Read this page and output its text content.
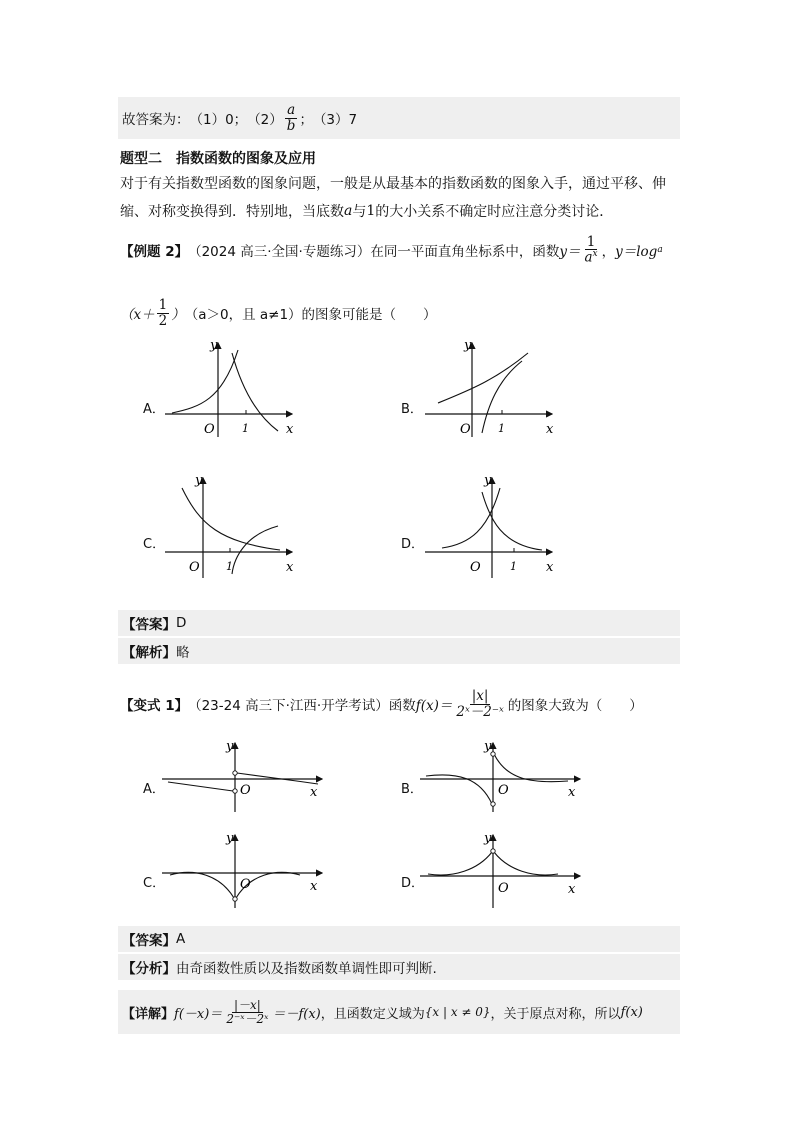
故答案为： （1）0； $(2) \frac{a}{b}$ ； （3）7
题型二　指数函数的图象及应用
对于有关指数型函数的图象问题，一般是从最基本的指数函数的图象入手，通过平移、伸
缩、对称变换得到．特别地，当底数 a 与 1 的大小关系不确定时应注意分类讨论．
【例题 2】 （2024 高三·全国·专题练习）在同一平面直角坐标系中，函数 $y= \frac{1}{a^x}$ ， y＝log a
（$x+ \frac{1}{2}$ ） （a＞0，且 a≠1）的图象可能是（　　）
A．
y
x
O 1
B．
y
x
O 1
C．
y
x
O 1
D．
y
x
O	1
【答案】 D
【解析】 略
【变式 1】 （23-24 高三下·江西·开学考试）函数 $f(x)= \frac{|x|}{\text{2ˣ－2⁻ˣ}}$ 的图象大致为（　　）
A．
y
x
O	B．
y
x
O
C．
y
x
O	D．
y
x
O
【答案】 A
【分析】 由奇函数性质以及指数函数单调性即可判断.
【详解】 $f(-x)= \frac{|-x|}{\text{2⁻ˣ－2ˣ}} =-f(x)$ ，且函数定义域为 {x | x ≠ 0} ，关于原点对称，所以 f(x)
